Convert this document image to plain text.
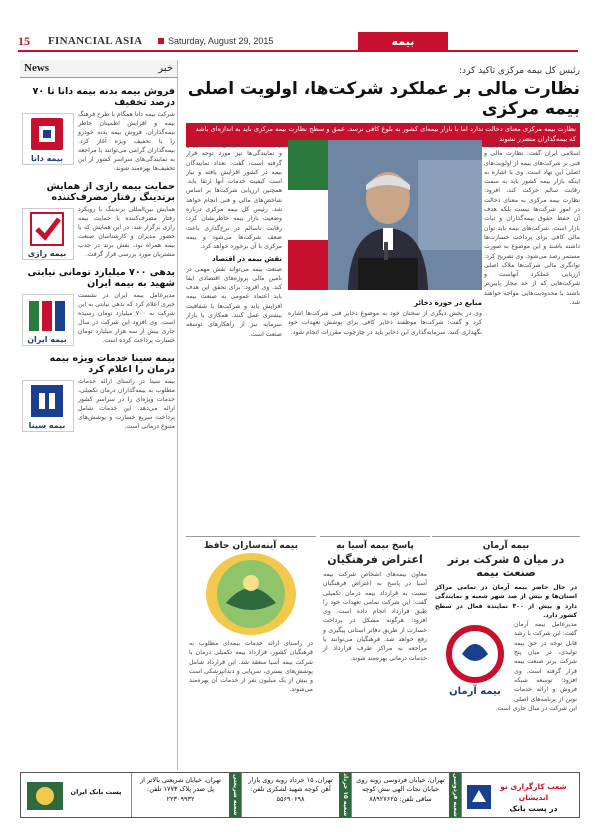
15 FINANCIAL ASIA	Saturday, August 29, 2015	بیمه
News	خبر
فروش بیمه بدنه بیمه دانا تا ۷۰ درصد تخفیف
بیمه دانا

شرکت بیمه دانا همگام با طرح فرهنگ بیمه و افزایش اطمینان خاطر بیمه‌گذاران، فروش بیمه بدنه خودرو را با تخفیف ویژه آغاز کرد. بیمه‌گذاران گرامی می‌توانند با مراجعه به نمایندگی‌های سراسر کشور از این تخفیف‌ها بهره‌مند شوند.

حمایت بیمه رازی از همایش برندینگ رفتار مصرف‌کننده
بیمه رازی

همایش بین‌المللی برندینگ با رویکرد رفتار مصرف‌کننده با حمایت بیمه رازی برگزار شد. در این همایش که با حضور مدیران و کارشناسان صنعت بیمه همراه بود، نقش برند در جذب مشتریان مورد بررسی قرار گرفت.

بدهی ۷۰۰ میلیارد تومانی نیابتی شهید به بیمه ایران
بیمه ایران

مدیرعامل بیمه ایران در نشست خبری اعلام کرد که بدهی نیابتی به این شرکت به ۷۰۰ میلیارد تومان رسیده است. وی افزود این شرکت در سال جاری بیش از سه هزار میلیارد تومان خسارت پرداخت کرده است.

بیمه سینا خدمات ویژه بیمه درمان را اعلام کرد
بیمه سینا

بیمه سینا در راستای ارائه خدمات مطلوب به بیمه‌گذاران درمان تکمیلی، خدمات ویژه‌ای را در سراسر کشور ارائه می‌دهد. این خدمات شامل پرداخت سریع خسارت و پوشش‌های متنوع درمانی است.

رئیس کل بیمه مرکزی تاکید کرد:
نظارت مالی بر عملکرد شرکت‌ها، اولویت اصلی بیمه مرکزی
نظارت بیمه مرکزی معنای دخالت ندارد اما با بازار بیمه‌ای کشور به بلوغ کافی نرسد. عمق و سطح نظارت بیمه مرکزی باید به اندازه‌ای باشد که بیمه‌گذاران متضرر نشوند
رئیس کل بیمه مرکزی جمهوری اسلامی ایران گفت: نظارت مالی و فنی بر شرکت‌های بیمه از اولویت‌های اصلی این نهاد است. وی با اشاره به اینکه بازار بیمه کشور باید به سمت رقابت سالم حرکت کند، افزود: نظارت بیمه مرکزی به معنای دخالت در امور شرکت‌ها نیست بلکه هدف آن حفظ حقوق بیمه‌گذاران و ثبات بازار است. شرکت‌های بیمه باید توان مالی کافی برای پرداخت خسارت‌ها داشته باشند و این موضوع به صورت مستمر رصد می‌شود. وی تصریح کرد: توانگری مالی شرکت‌ها ملاک اصلی ارزیابی عملکرد آنهاست و شرکت‌هایی که از حد مجاز پایین‌تر باشند با محدودیت‌هایی مواجه خواهند شد.
وی با بیان اینکه موضوع شبکه فروش و نمایندگی‌ها نیز مورد توجه قرار گرفته است، گفت: تعداد نمایندگان بیمه در کشور افزایش یافته و نیاز است کیفیت خدمات آنها ارتقا یابد. همچنین ارزیابی شرکت‌ها بر اساس شاخص‌های مالی و فنی انجام خواهد شد. رئیس کل بیمه مرکزی درباره وضعیت بازار بیمه خاطرنشان کرد: رقابت ناسالم در نرخ‌گذاری باعث ضعف شرکت‌ها می‌شود و بیمه مرکزی با آن برخورد خواهد کرد.
نقش بیمه در اقتصاد
صنعت بیمه می‌تواند نقش مهمی در تامین مالی پروژه‌های اقتصادی ایفا کند. وی افزود: برای تحقق این هدف باید اعتماد عمومی به صنعت بیمه افزایش یابد و شرکت‌ها با شفافیت بیشتری عمل کنند. همکاری با بازار سرمایه نیز از راهکارهای توسعه صنعت است.
منابع در حوزه دخائر
وی در بخش دیگری از سخنان خود به موضوع ذخایر فنی شرکت‌ها اشاره کرد و گفت: شرکت‌ها موظفند ذخایر کافی برای پوشش تعهدات خود نگهداری کنند. سرمایه‌گذاری این ذخایر باید در چارچوب مقررات انجام شود.
بیمه آینه‌سازان حافظ

در راستای ارائه خدمات بیمه‌ای مطلوب به فرهنگیان کشور، قرارداد بیمه تکمیلی درمان با شرکت بیمه آسیا منعقد شد. این قرارداد شامل پوشش‌های بستری، سرپایی و دندانپزشکی است و بیش از یک میلیون نفر از خدمات آن بهره‌مند می‌شوند.

پاسخ بیمه آسیا به
اعتراض فرهنگیان

معاون بیمه‌های اشخاص شرکت بیمه آسیا در پاسخ به اعتراض فرهنگیان نسبت به قرارداد بیمه درمان تکمیلی گفت: این شرکت تمامی تعهدات خود را طبق قرارداد انجام داده است. وی افزود: هرگونه مشکل در پرداخت خسارت از طریق دفاتر استانی پیگیری و رفع خواهد شد. فرهنگیان می‌توانند با مراجعه به مراکز طرف قرارداد از خدمات درمانی بهره‌مند شوند.

بیمه آرمان
در میان ۵ شرکت برتر صنعت بیمه

در حال حاضر بیمه آرمان در تمامی مراکز استان‌ها و بیش از صد شهر شعبه و نمایندگی دارد و بیش از ۳۰۰ نماینده فعال در سطح کشور دارد.

بیمه آرمان

مدیرعامل بیمه آرمان گفت: این شرکت با رشد قابل توجه در حق بیمه تولیدی، در میان پنج شرکت برتر صنعت بیمه قرار گرفته است. وی افزود: توسعه شبکه فروش و ارائه خدمات نوین از برنامه‌های اصلی این شرکت در سال جاری است.

پست بانک ایران	شعبه شریعتی
تهران، خیابان شریعتی بالاتر از پل صدر پلاک ۱۷۷۳ تلفن: ۲۲۳۰۹۹۳۲
شعبه ۱۵ خرداد
تهران، ۱۵ خرداد روبه روی بازار آهن کوچه شهید لشکری تلفن: ۵۵۶۹۰۶۹۸	شعبه فردوسی
تهران، خیابان فردوسی روبه روی خیابان نجات الهی نبش کوچه ساقی تلفن: ۸۸۹۲۷۶۲۵
شعب کارگزاری نو اندیشان
در پست بانک
